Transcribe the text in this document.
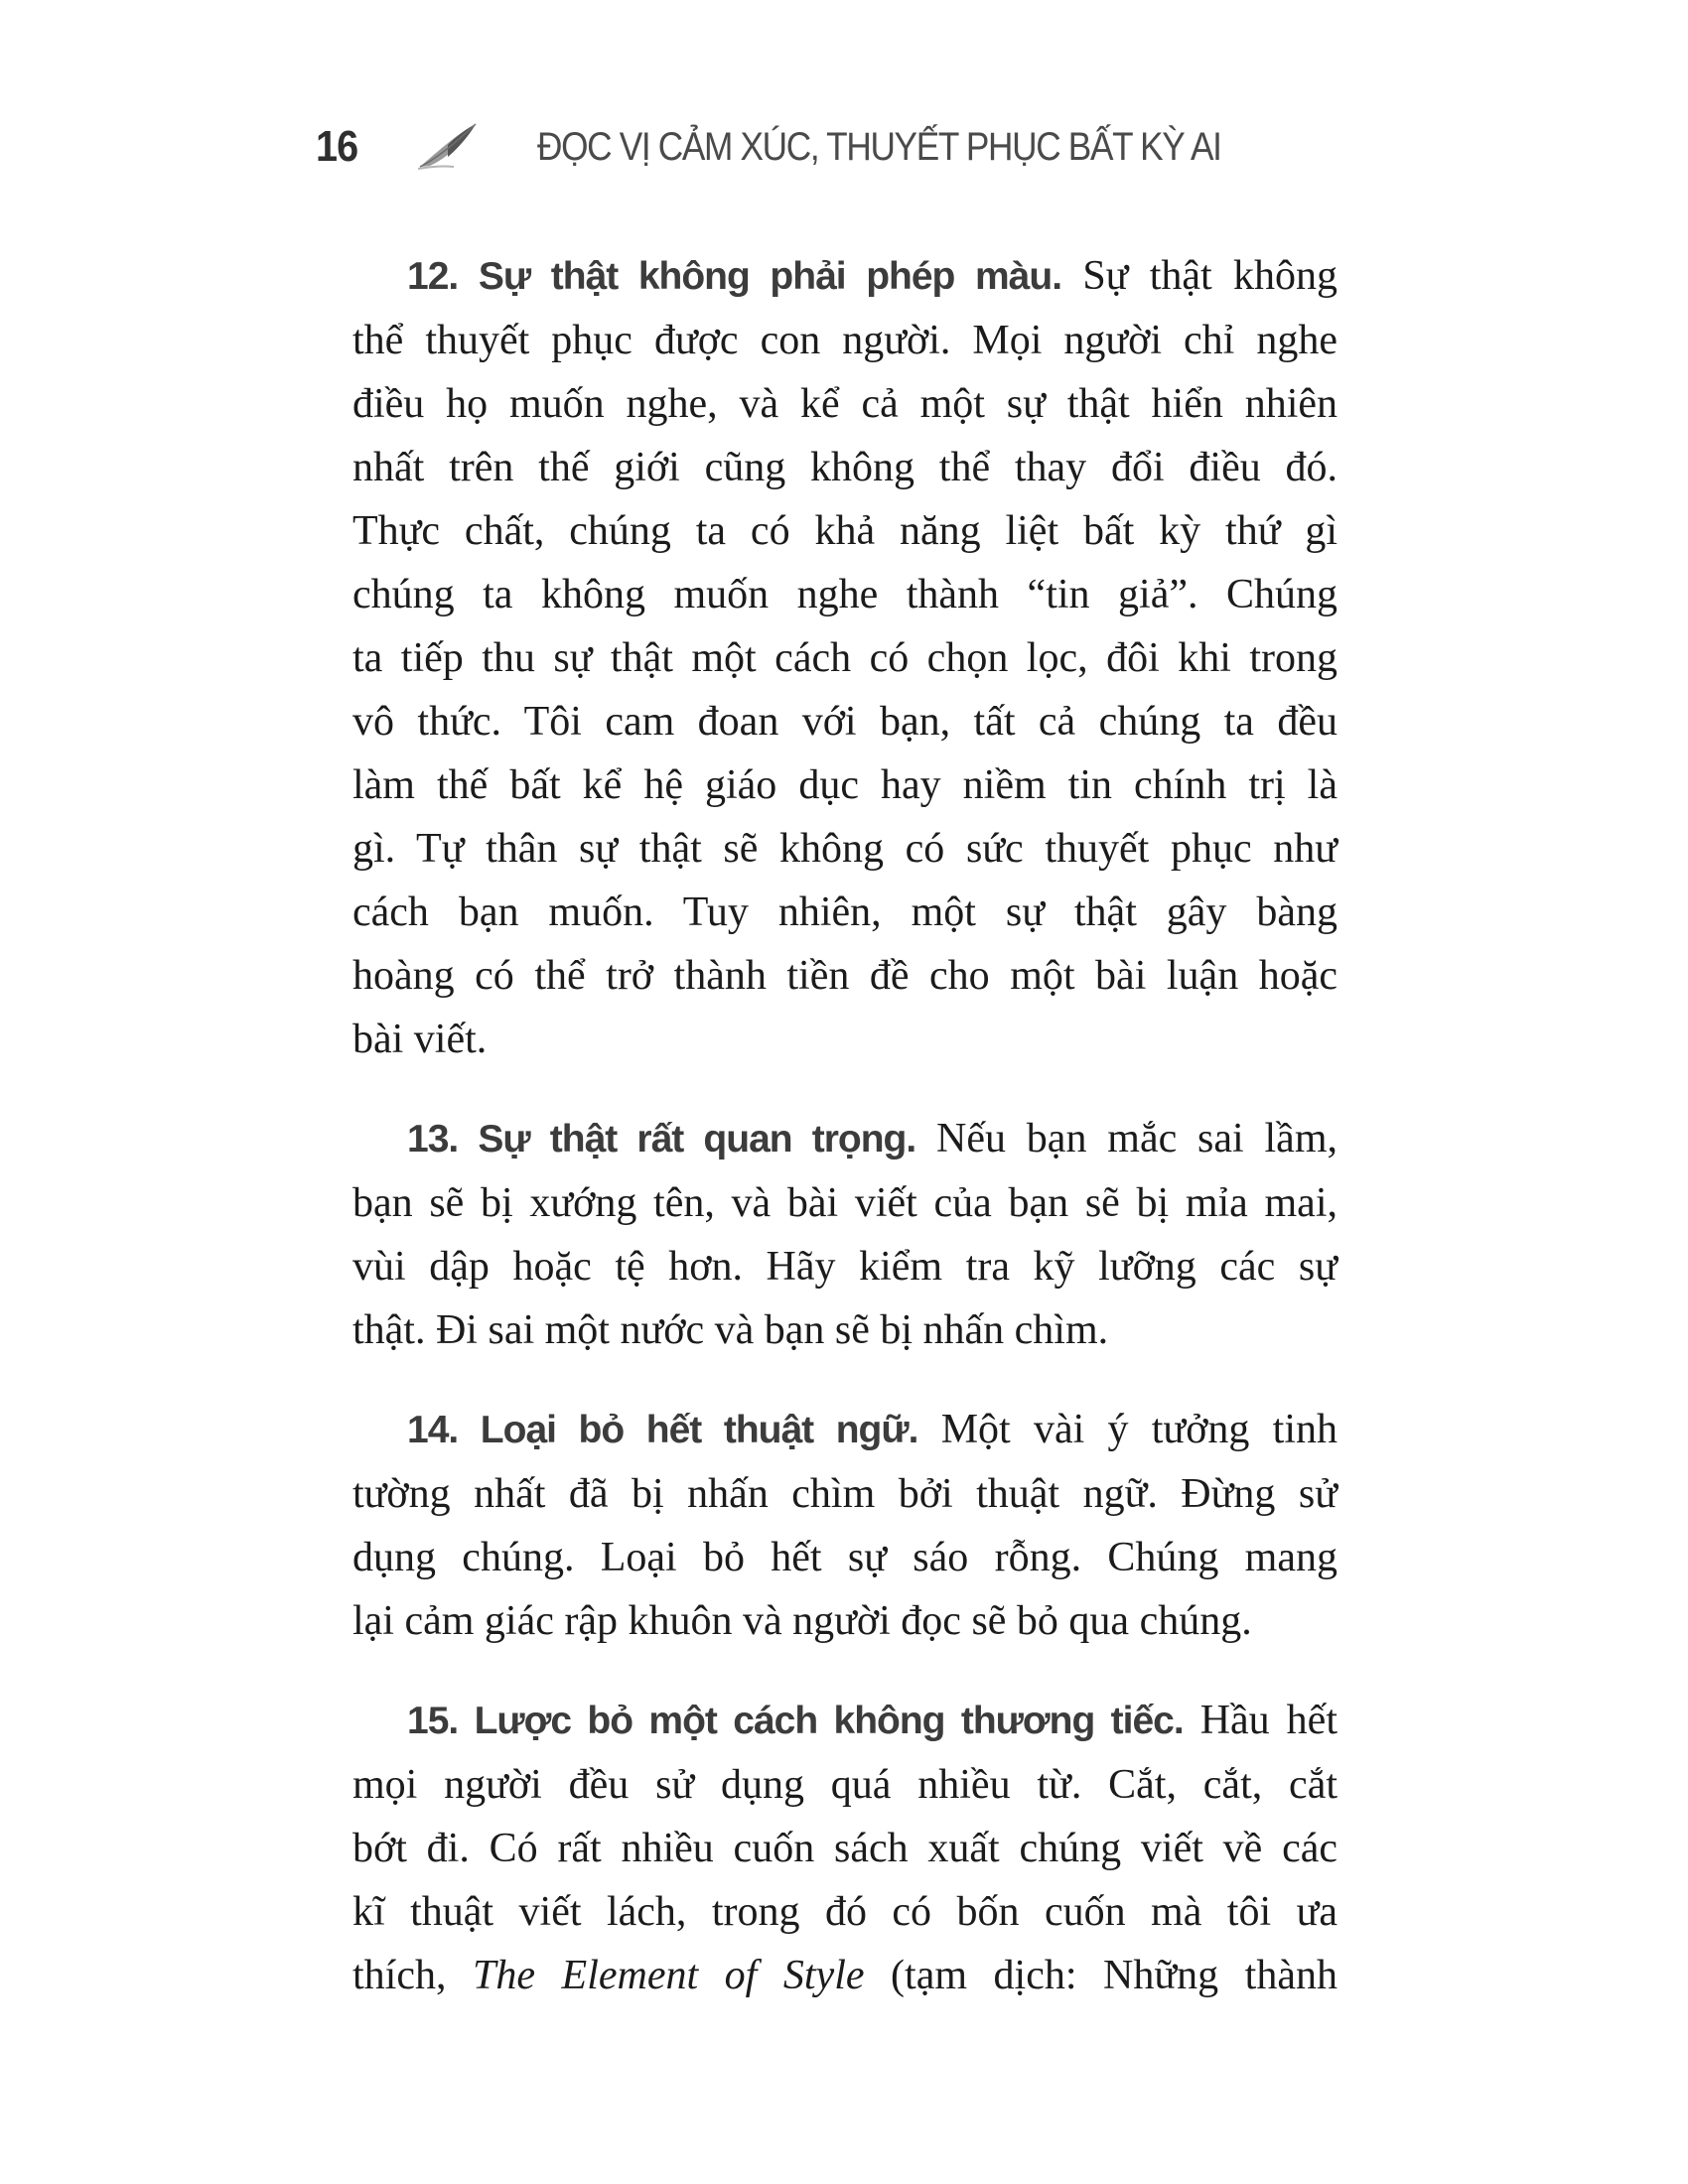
16	ĐỌC VỊ CẢM XÚC, THUYẾT PHỤC BẤT KỲ AI
12. Sự thật không phải phép màu. Sự thật không
thể thuyết phục được con người. Mọi người chỉ nghe
điều họ muốn nghe, và kể cả một sự thật hiển nhiên
nhất trên thế giới cũng không thể thay đổi điều đó.
Thực chất, chúng ta có khả năng liệt bất kỳ thứ gì
chúng ta không muốn nghe thành “tin giả”. Chúng
ta tiếp thu sự thật một cách có chọn lọc, đôi khi trong
vô thức. Tôi cam đoan với bạn, tất cả chúng ta đều
làm thế bất kể hệ giáo dục hay niềm tin chính trị là
gì. Tự thân sự thật sẽ không có sức thuyết phục như
cách bạn muốn. Tuy nhiên, một sự thật gây bàng
hoàng có thể trở thành tiền đề cho một bài luận hoặc
bài viết.
13. Sự thật rất quan trọng. Nếu bạn mắc sai lầm,
bạn sẽ bị xướng tên, và bài viết của bạn sẽ bị mỉa mai,
vùi dập hoặc tệ hơn. Hãy kiểm tra kỹ lưỡng các sự
thật. Đi sai một nước và bạn sẽ bị nhấn chìm.
14. Loại bỏ hết thuật ngữ. Một vài ý tưởng tinh
tường nhất đã bị nhấn chìm bởi thuật ngữ. Đừng sử
dụng chúng. Loại bỏ hết sự sáo rỗng. Chúng mang
lại cảm giác rập khuôn và người đọc sẽ bỏ qua chúng.
15. Lược bỏ một cách không thương tiếc. Hầu hết
mọi người đều sử dụng quá nhiều từ. Cắt, cắt, cắt
bớt đi. Có rất nhiều cuốn sách xuất chúng viết về các
kĩ thuật viết lách, trong đó có bốn cuốn mà tôi ưa
thích, The Element of Style (tạm dịch: Những thành
